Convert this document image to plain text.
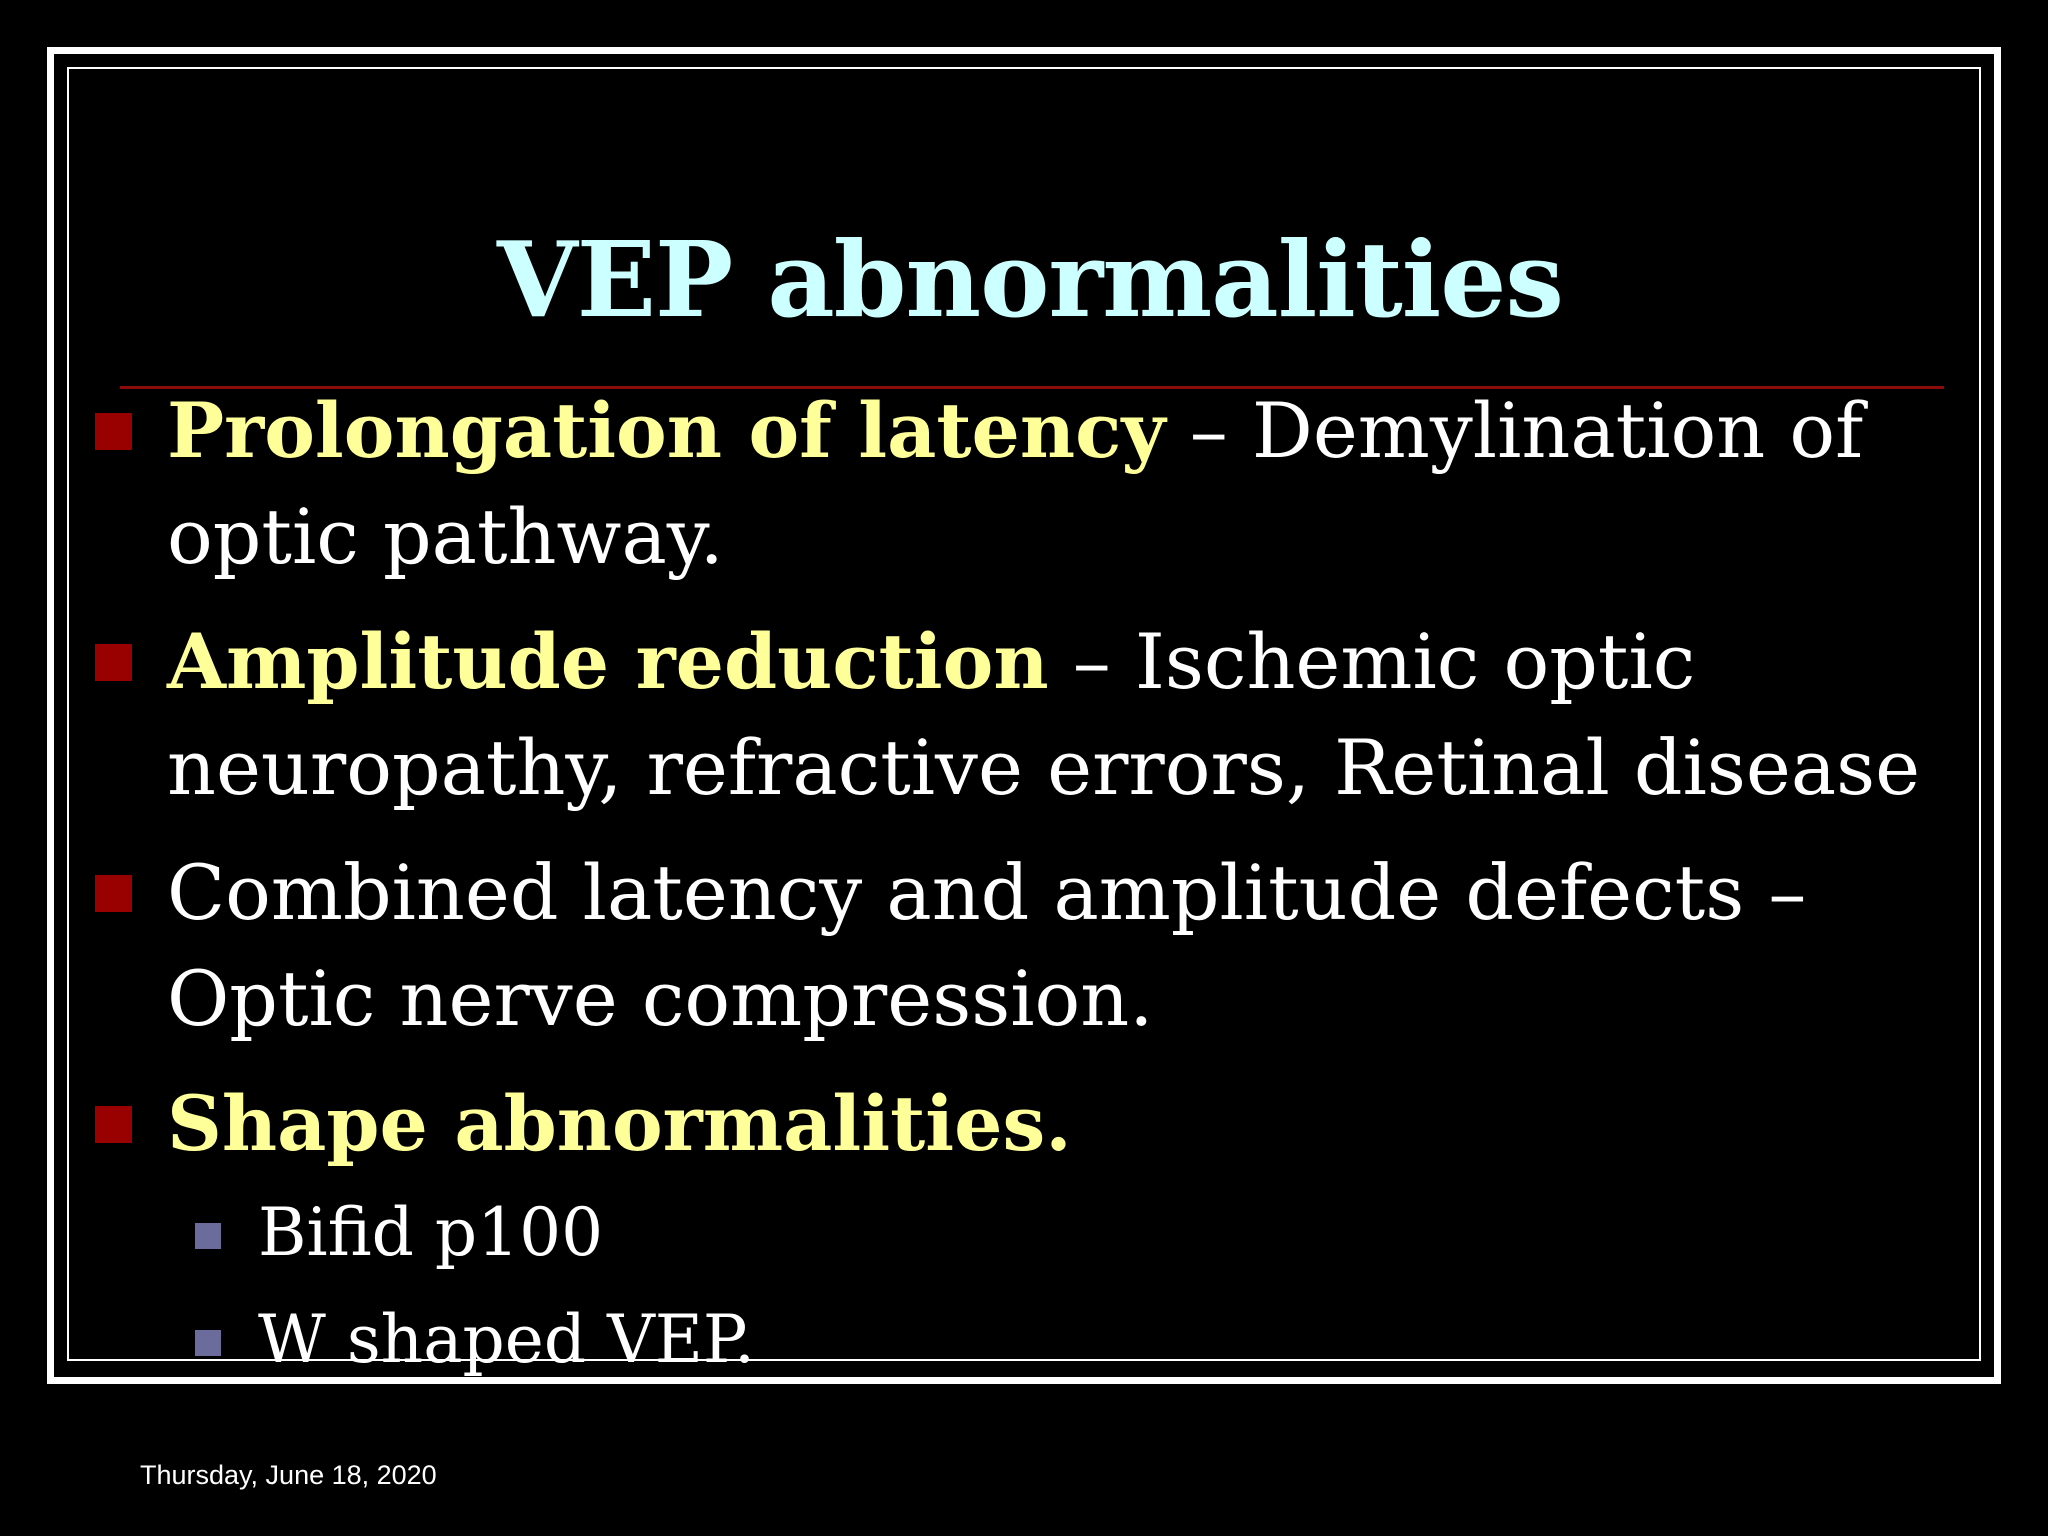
VEP abnormalities
Prolongation of latency – Demylination of
optic pathway.
Amplitude reduction – Ischemic optic
neuropathy, refractive errors, Retinal disease
Combined latency and amplitude defects –
Optic nerve compression.
Shape abnormalities.
Bifid p100
W shaped VEP.
Thursday, June 18, 2020
